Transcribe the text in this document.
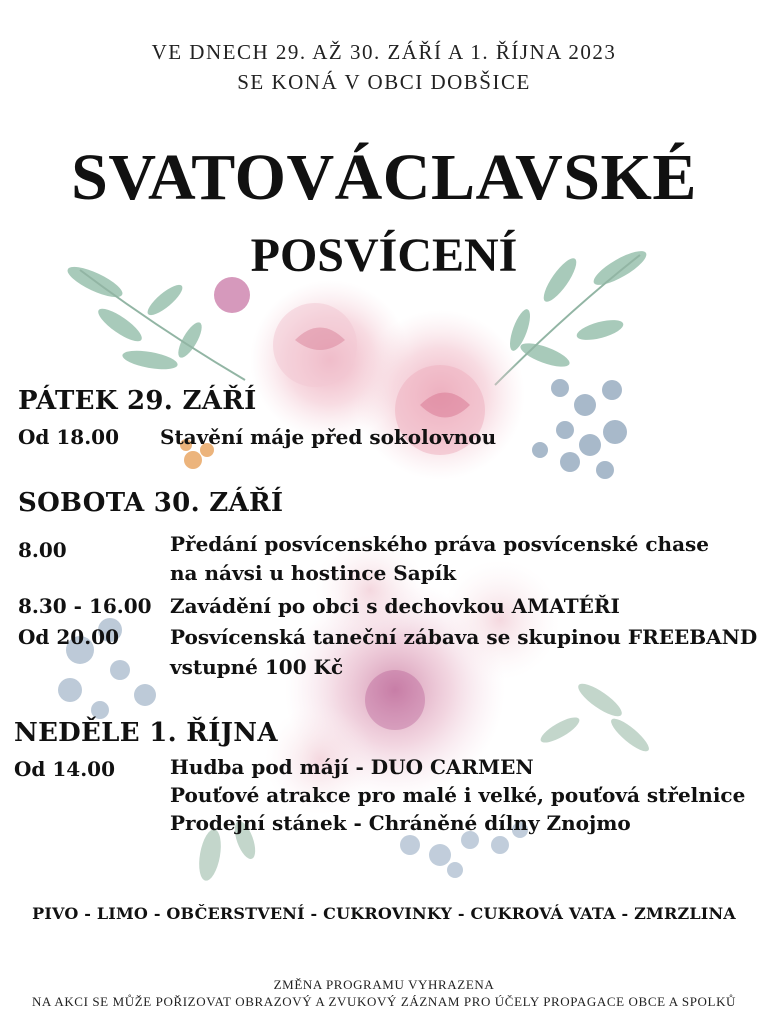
VE DNECH 29. AŽ 30. ZÁŘÍ A 1. ŘÍJNA 2023
SE KONÁ V OBCI DOBŠICE
SVATOVÁCLAVSKÉ
POSVÍCENÍ
PÁTEK 29. ZÁŘÍ
Od 18.00 Stavění máje před sokolovnou
SOBOTA 30. ZÁŘÍ
8.00	Předání posvícenského práva posvícenské chase
na návsi u hostince Sapík
8.30 - 16.00 Zavádění po obci s dechovkou AMATÉŘI
Od 20.00	Posvícenská taneční zábava se skupinou FREEBAND
vstupné 100 Kč
NEDĚLE 1. ŘÍJNA
Od 14.00	Hudba pod májí - DUO CARMEN
Pouťové atrakce pro malé i velké, pouťová střelnice
Prodejní stánek - Chráněné dílny Znojmo
PIVO - LIMO - OBČERSTVENÍ - CUKROVINKY - CUKROVÁ VATA - ZMRZLINA
ZMĚNA PROGRAMU VYHRAZENA
NA AKCI SE MŮŽE POŘIZOVAT OBRAZOVÝ A ZVUKOVÝ ZÁZNAM PRO ÚČELY PROPAGACE OBCE A SPOLKŮ
